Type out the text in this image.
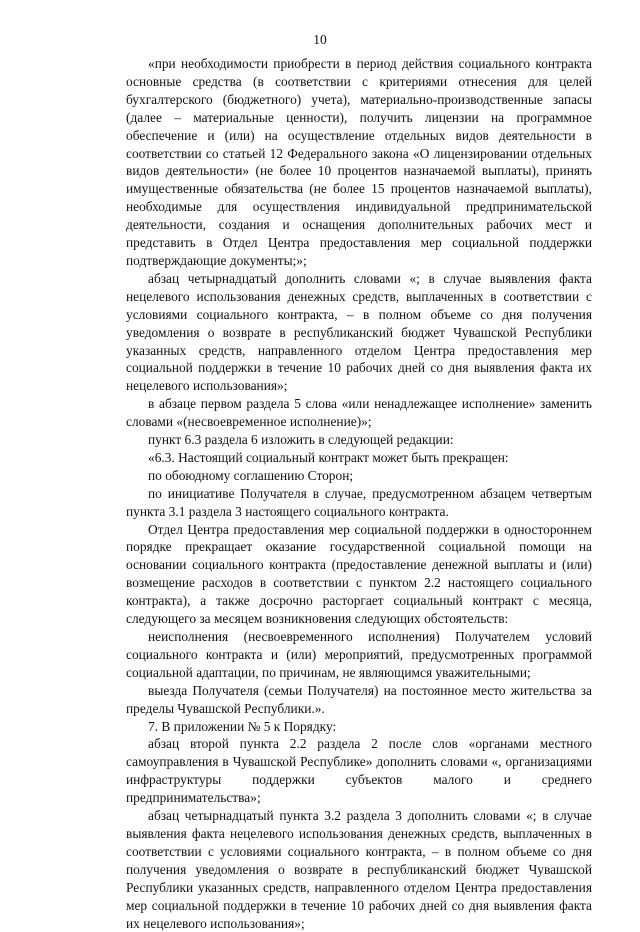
10

«при необходимости приобрести в период действия социального контракта основные средства (в соответствии с критериями отнесения для целей бухгалтерского (бюджетного) учета), материально-производственные запасы (далее – материальные ценности), получить лицензии на программное обеспечение и (или) на осуществление отдельных видов деятельности в соответствии со статьей 12 Федерального закона «О лицензировании отдельных видов деятельности» (не более 10 процентов назначаемой выплаты), принять имущественные обязательства (не более 15 процентов назначаемой выплаты), необходимые для осуществления индивидуальной предпринимательской деятельности, создания и оснащения дополнительных рабочих мест и представить в Отдел Центра предоставления мер социальной поддержки подтверждающие документы;»;

абзац четырнадцатый дополнить словами «; в случае выявления факта нецелевого использования денежных средств, выплаченных в соответствии с условиями социального контракта, – в полном объеме со дня получения уведомления о возврате в республиканский бюджет Чувашской Республики указанных средств, направленного отделом Центра предоставления мер социальной поддержки в течение 10 рабочих дней со дня выявления факта их нецелевого использования»;

в абзаце первом раздела 5 слова «или ненадлежащее исполнение» заменить словами «(несвоевременное исполнение)»;

пункт 6.3 раздела 6 изложить в следующей редакции:

«6.3. Настоящий социальный контракт может быть прекращен:

по обоюдному соглашению Сторон;

по инициативе Получателя в случае, предусмотренном абзацем четвертым пункта 3.1 раздела 3 настоящего социального контракта.

Отдел Центра предоставления мер социальной поддержки в одностороннем порядке прекращает оказание государственной социальной помощи на основании социального контракта (предоставление денежной выплаты и (или) возмещение расходов в соответствии с пунктом 2.2 настоящего социального контракта), а также досрочно расторгает социальный контракт с месяца, следующего за месяцем возникновения следующих обстоятельств:

неисполнения (несвоевременного исполнения) Получателем условий социального контракта и (или) мероприятий, предусмотренных программой социальной адаптации, по причинам, не являющимся уважительными;

выезда Получателя (семьи Получателя) на постоянное место жительства за пределы Чувашской Республики.».

7. В приложении № 5 к Порядку:

абзац второй пункта 2.2 раздела 2 после слов «органами местного самоуправления в Чувашской Республике» дополнить словами «, организациями инфраструктуры поддержки субъектов малого и среднего предпринимательства»;

абзац четырнадцатый пункта 3.2 раздела 3 дополнить словами «; в случае выявления факта нецелевого использования денежных средств, выплаченных в соответствии с условиями социального контракта, – в полном объеме со дня получения уведомления о возврате в республиканский бюджет Чувашской Республики указанных средств, направленного отделом Центра предоставления мер социальной поддержки в течение 10 рабочих дней со дня выявления факта их нецелевого использования»;
